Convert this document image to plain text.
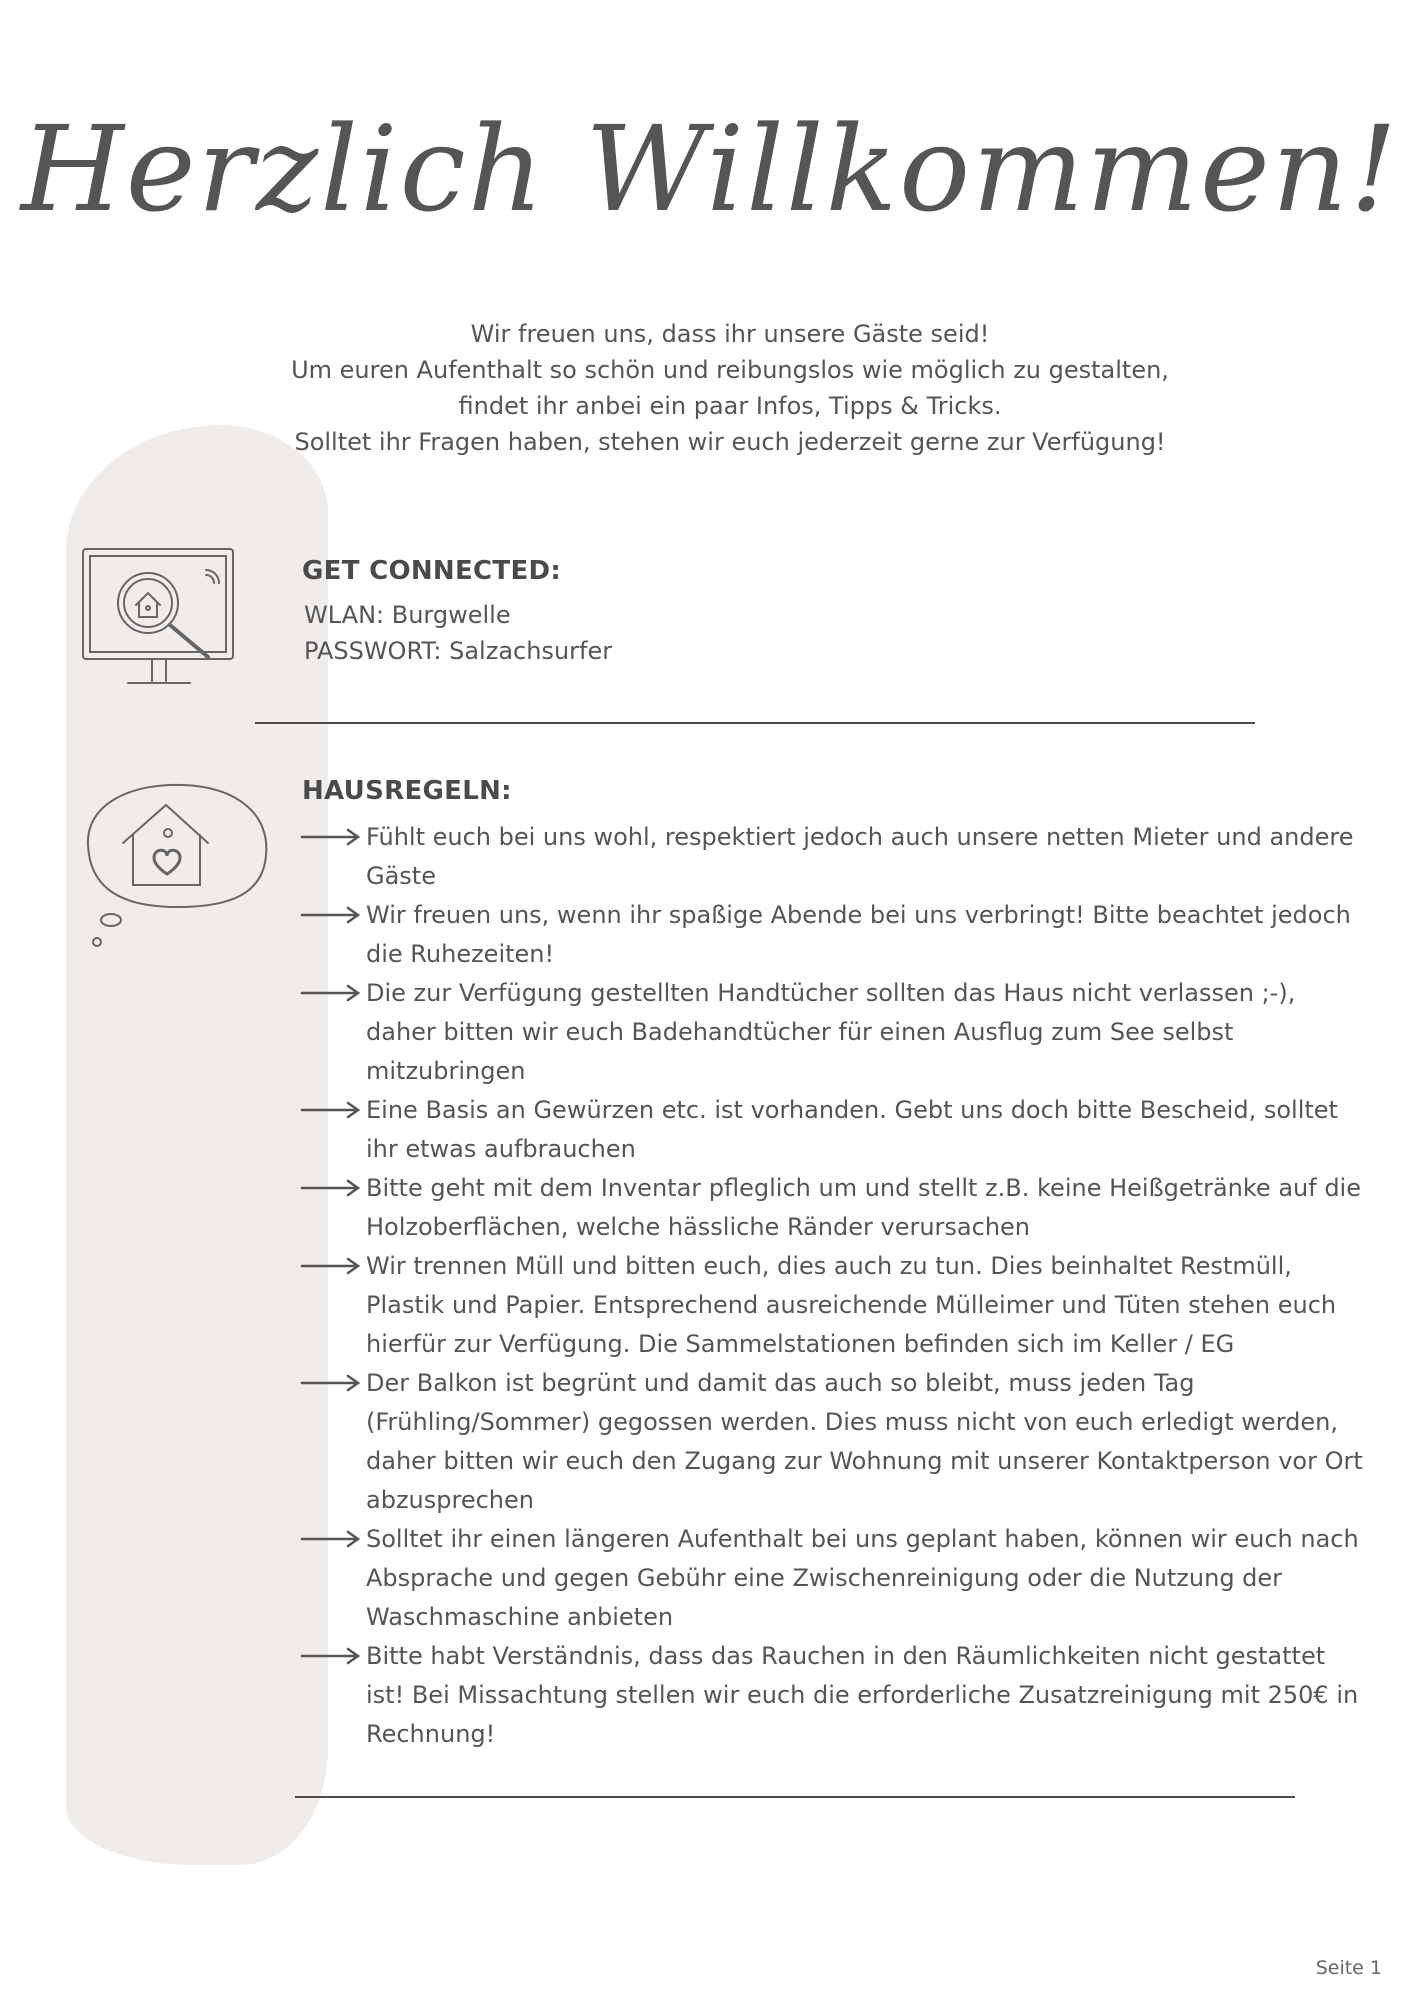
Herzlich Willkommen!

Wir freuen uns, dass ihr unsere Gäste seid!

Um euren Aufenthalt so schön und reibungslos wie möglich zu gestalten,

findet ihr anbei ein paar Infos, Tipps & Tricks.

Solltet ihr Fragen haben, stehen wir euch jederzeit gerne zur Verfügung!

GET CONNECTED:
WLAN: Burgwelle
PASSWORT: Salzachsurfer
HAUSREGELN:
Fühlt euch bei uns wohl, respektiert jedoch auch unsere netten Mieter und andere Gäste
Wir freuen uns, wenn ihr spaßige Abende bei uns verbringt! Bitte beachtet jedoch die Ruhezeiten!
Die zur Verfügung gestellten Handtücher sollten das Haus nicht verlassen ;-), daher bitten wir euch Badehandtücher für einen Ausflug zum See selbst mitzubringen
Eine Basis an Gewürzen etc. ist vorhanden. Gebt uns doch bitte Bescheid, solltet ihr etwas aufbrauchen
Bitte geht mit dem Inventar pfleglich um und stellt z.B. keine Heißgetränke auf die Holzoberflächen, welche hässliche Ränder verursachen
Wir trennen Müll und bitten euch, dies auch zu tun. Dies beinhaltet Restmüll, Plastik und Papier. Entsprechend ausreichende Mülleimer und Tüten stehen euch hierfür zur Verfügung. Die Sammelstationen befinden sich im Keller / EG
Der Balkon ist begrünt und damit das auch so bleibt, muss jeden Tag (Frühling/Sommer) gegossen werden. Dies muss nicht von euch erledigt werden, daher bitten wir euch den Zugang zur Wohnung mit unserer Kontaktperson vor Ort abzusprechen
Solltet ihr einen längeren Aufenthalt bei uns geplant haben, können wir euch nach Absprache und gegen Gebühr eine Zwischenreinigung oder die Nutzung der Waschmaschine anbieten
Bitte habt Verständnis, dass das Rauchen in den Räumlichkeiten nicht gestattet ist! Bei Missachtung stellen wir euch die erforderliche Zusatzreinigung mit 250€ in Rechnung!
Seite 1
